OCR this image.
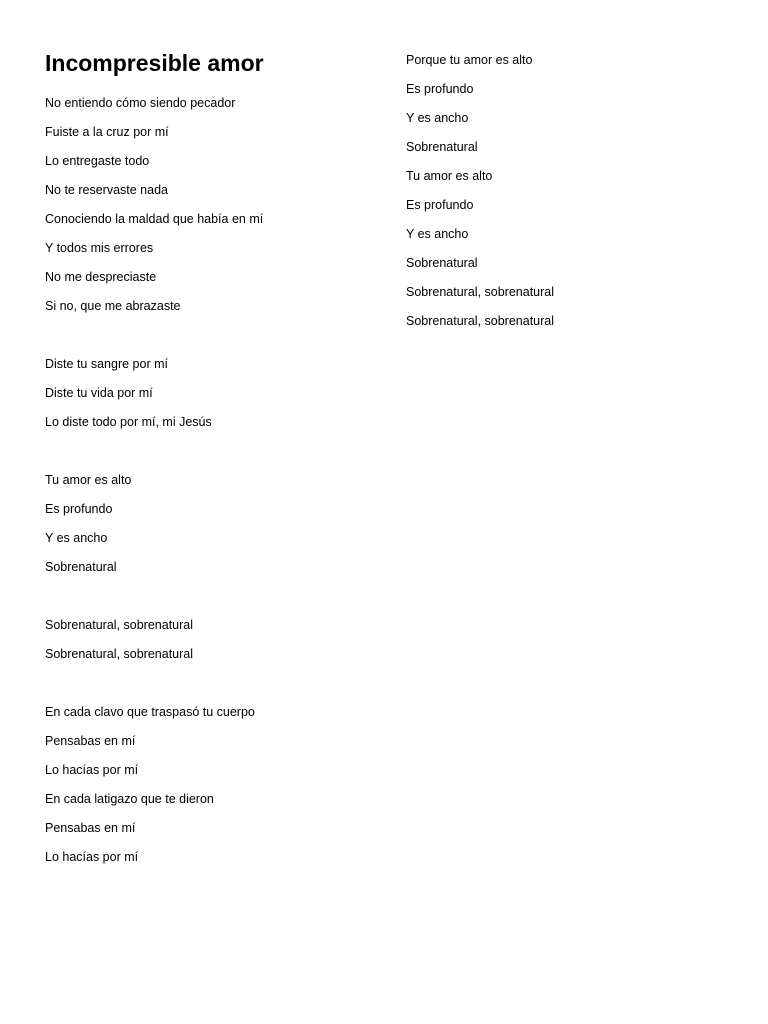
Incompresible amor
No entiendo cómo siendo pecador
Fuiste a la cruz por mí
Lo entregaste todo
No te reservaste nada
Conociendo la maldad que había en mí
Y todos mis errores
No me despreciaste
Si no, que me abrazaste
Diste tu sangre por mí
Diste tu vida por mí
Lo diste todo por mí, mi Jesús
Tu amor es alto
Es profundo
Y es ancho
Sobrenatural
Sobrenatural, sobrenatural
Sobrenatural, sobrenatural
En cada clavo que traspasó tu cuerpo
Pensabas en mí
Lo hacías por mí
En cada latigazo que te dieron
Pensabas en mí
Lo hacías por mí
Porque tu amor es alto
Es profundo
Y es ancho
Sobrenatural
Tu amor es alto
Es profundo
Y es ancho
Sobrenatural
Sobrenatural, sobrenatural
Sobrenatural, sobrenatural
